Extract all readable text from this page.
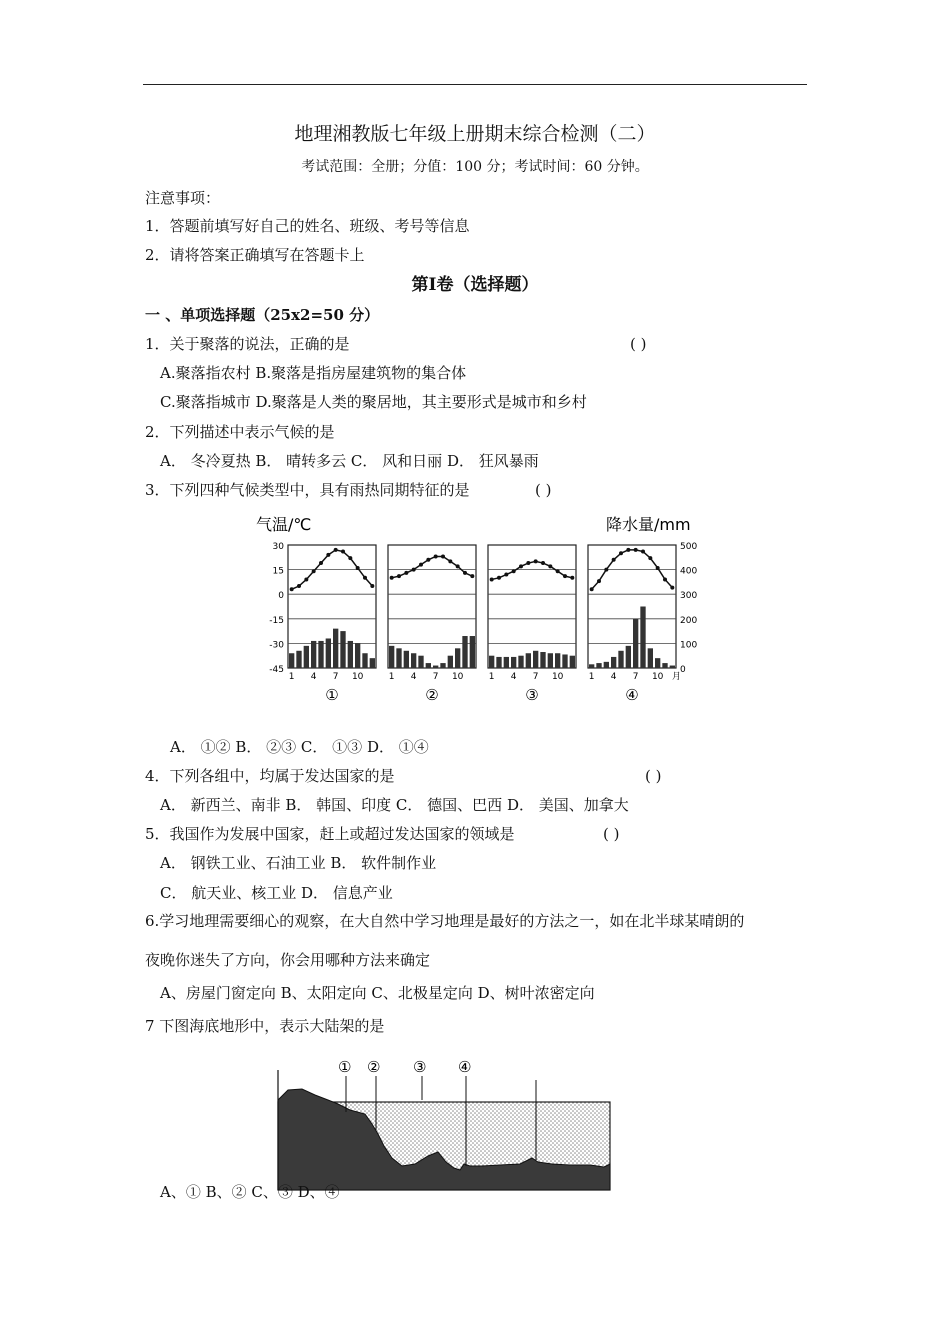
地理湘教版七年级上册期末综合检测（二）
考试范围：全册；分值：100 分；考试时间：60 分钟。
注意事项：
1．答题前填写好自己的姓名、班级、考号等信息
2．请将答案正确填写在答题卡上
第Ⅰ卷（选择题）
一 、单项选择题（25x2=50 分）
1．关于聚落的说法，正确的是	( )
A.聚落指农村 B.聚落是指房屋建筑物的集合体
C.聚落指城市 D.聚落是人类的聚居地，其主要形式是城市和乡村
2．下列描述中表示气候的是
A． 冬冷夏热 B． 晴转多云 C． 风和日丽 D． 狂风暴雨
3．下列四种气候类型中，具有雨热同期特征的是	( )
气温/℃	降水量/mm
30
15
0
-15
-30
-45
500
400
300
200
100
0
1 4 7 10
①
1 4 7 10
②
1 4 7 10
③
1 4 7 10
④
月
A． ①② B． ②③ C． ①③ D． ①④
4．下列各组中，均属于发达国家的是	( )
A． 新西兰、南非 B． 韩国、印度 C． 德国、巴西 D． 美国、加拿大
5．我国作为发展中国家，赶上或超过发达国家的领域是	( )
A． 钢铁工业、石油工业 B． 软件制作业
C． 航天业、核工业 D． 信息产业
6.学习地理需要细心的观察，在大自然中学习地理是最好的方法之一，如在北半球某晴朗的
夜晚你迷失了方向，你会用哪种方法来确定
A、房屋门窗定向 B、太阳定向 C、北极星定向 D、树叶浓密定向
7 下图海底地形中，表示大陆架的是
① ② ③ ④
A、① B、② C、③ D、④
